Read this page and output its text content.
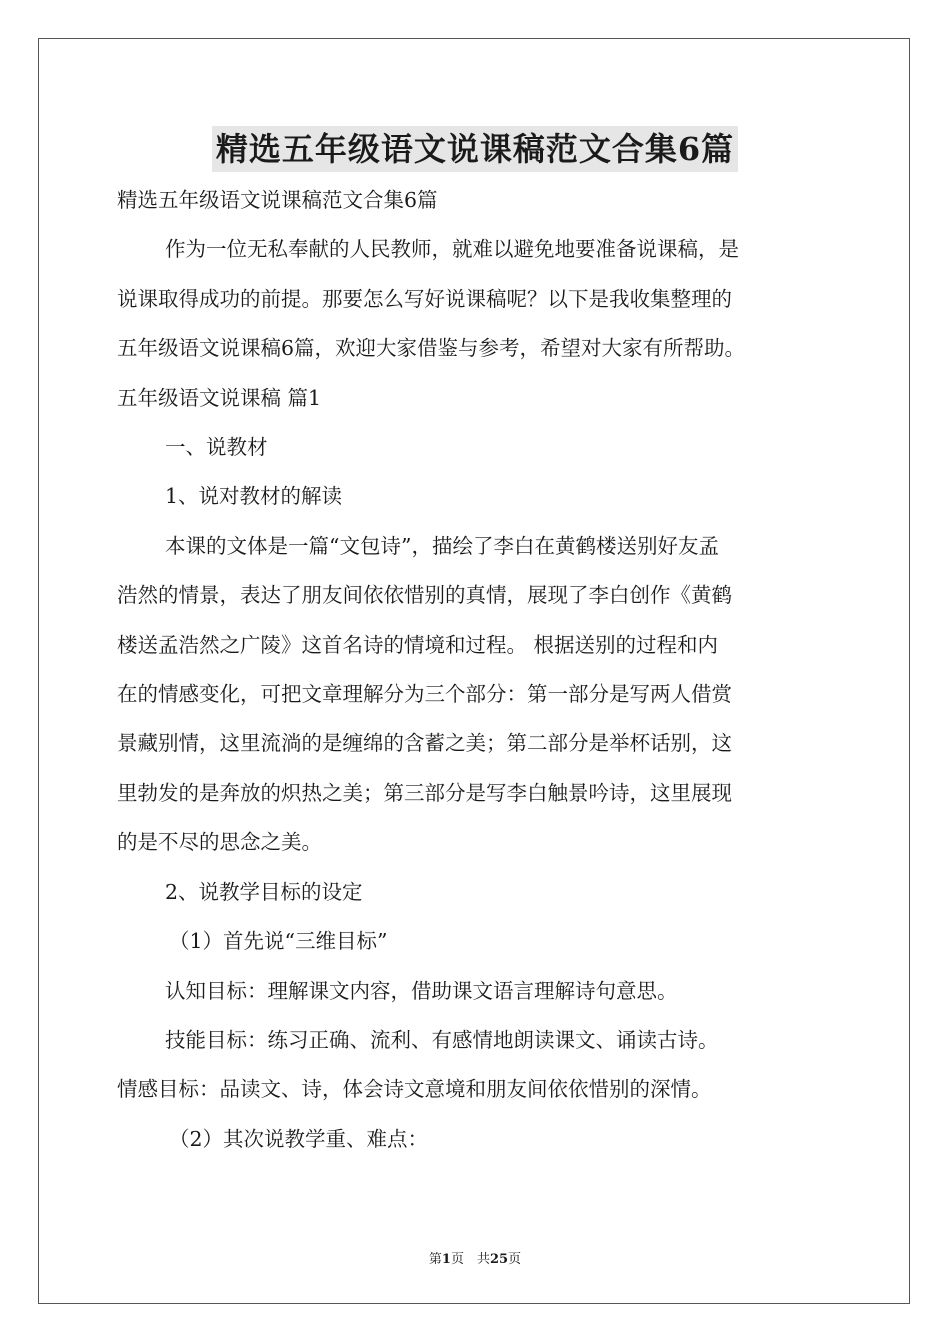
精选五年级语文说课稿范文合集6篇

精选五年级语文说课稿范文合集6篇

作为一位无私奉献的人民教师，就难以避免地要准备说课稿，是

说课取得成功的前提。那要怎么写好说课稿呢？以下是我收集整理的

五年级语文说课稿6篇，欢迎大家借鉴与参考，希望对大家有所帮助。

五年级语文说课稿 篇1

一、说教材

1、说对教材的解读

本课的文体是一篇“文包诗”，描绘了李白在黄鹤楼送别好友孟

浩然的情景，表达了朋友间依依惜别的真情，展现了李白创作《黄鹤

楼送孟浩然之广陵》这首名诗的情境和过程。 根据送别的过程和内

在的情感变化，可把文章理解分为三个部分：第一部分是写两人借赏

景藏别情，这里流淌的是缠绵的含蓄之美；第二部分是举杯话别，这

里勃发的是奔放的炽热之美；第三部分是写李白触景吟诗，这里展现

的是不尽的思念之美。

2、说教学目标的设定

（1）首先说“三维目标”

认知目标：理解课文内容，借助课文语言理解诗句意思。

技能目标：练习正确、流利、有感情地朗读课文、诵读古诗。

情感目标：品读文、诗，体会诗文意境和朋友间依依惜别的深情。

（2）其次说教学重、难点：

第1页　共25页
